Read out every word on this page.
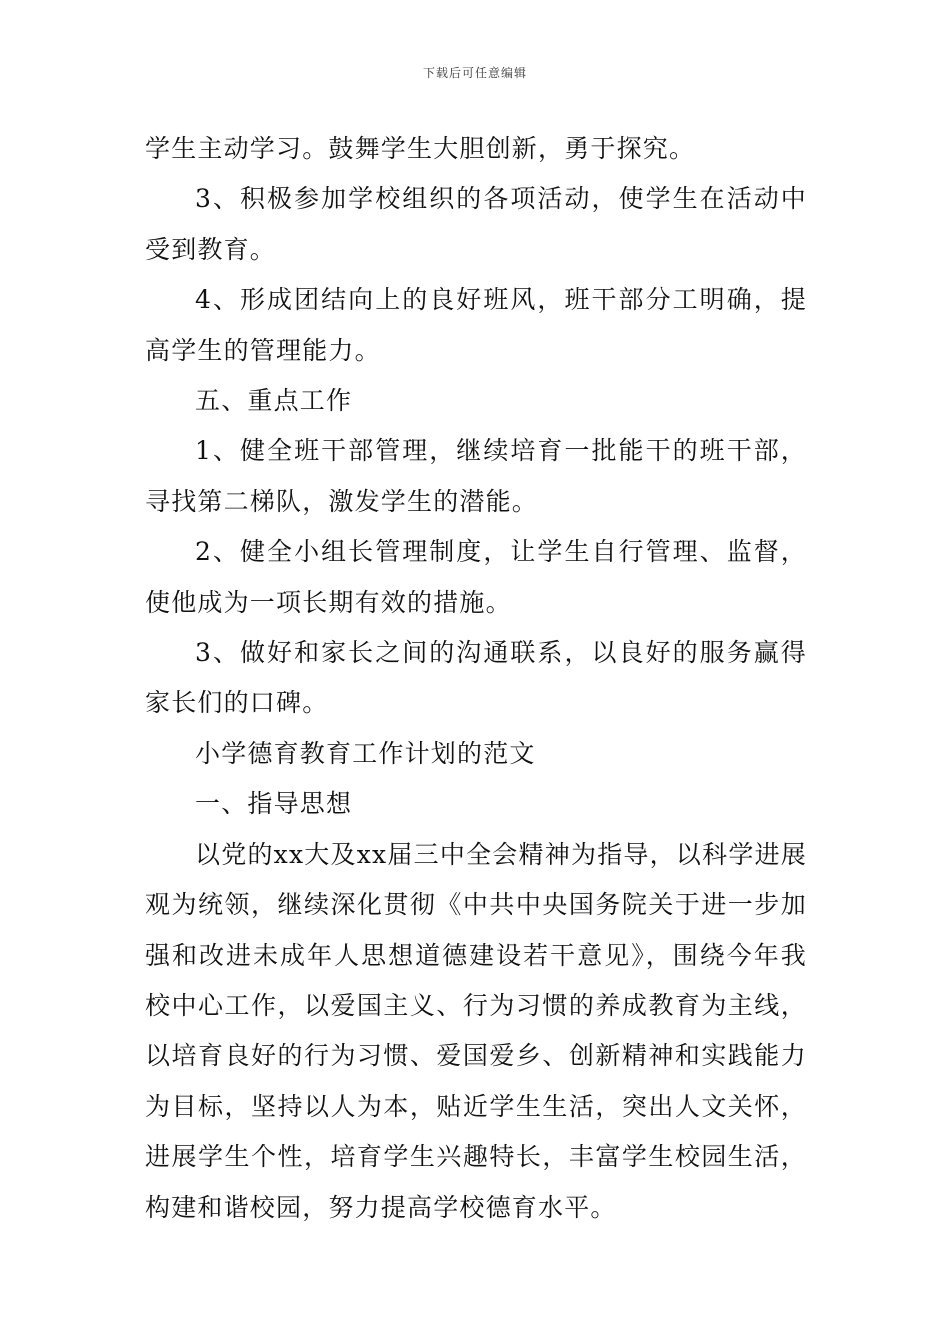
下载后可任意编辑

学生主动学习。鼓舞学生大胆创新，勇于探究。

3、积极参加学校组织的各项活动，使学生在活动中受到教育。

4、形成团结向上的良好班风，班干部分工明确，提高学生的管理能力。

五、重点工作

1、健全班干部管理，继续培育一批能干的班干部，寻找第二梯队，激发学生的潜能。

2、健全小组长管理制度，让学生自行管理、监督，使他成为一项长期有效的措施。

3、做好和家长之间的沟通联系，以良好的服务赢得家长们的口碑。

小学德育教育工作计划的范文

一、指导思想

以党的xx大及xx届三中全会精神为指导，以科学进展观为统领，继续深化贯彻《中共中央国务院关于进一步加强和改进未成年人思想道德建设若干意见》，围绕今年我校中心工作，以爱国主义、行为习惯的养成教育为主线，以培育良好的行为习惯、爱国爱乡、创新精神和实践能力为目标，坚持以人为本，贴近学生生活，突出人文关怀，进展学生个性，培育学生兴趣特长，丰富学生校园生活，构建和谐校园，努力提高学校德育水平。
